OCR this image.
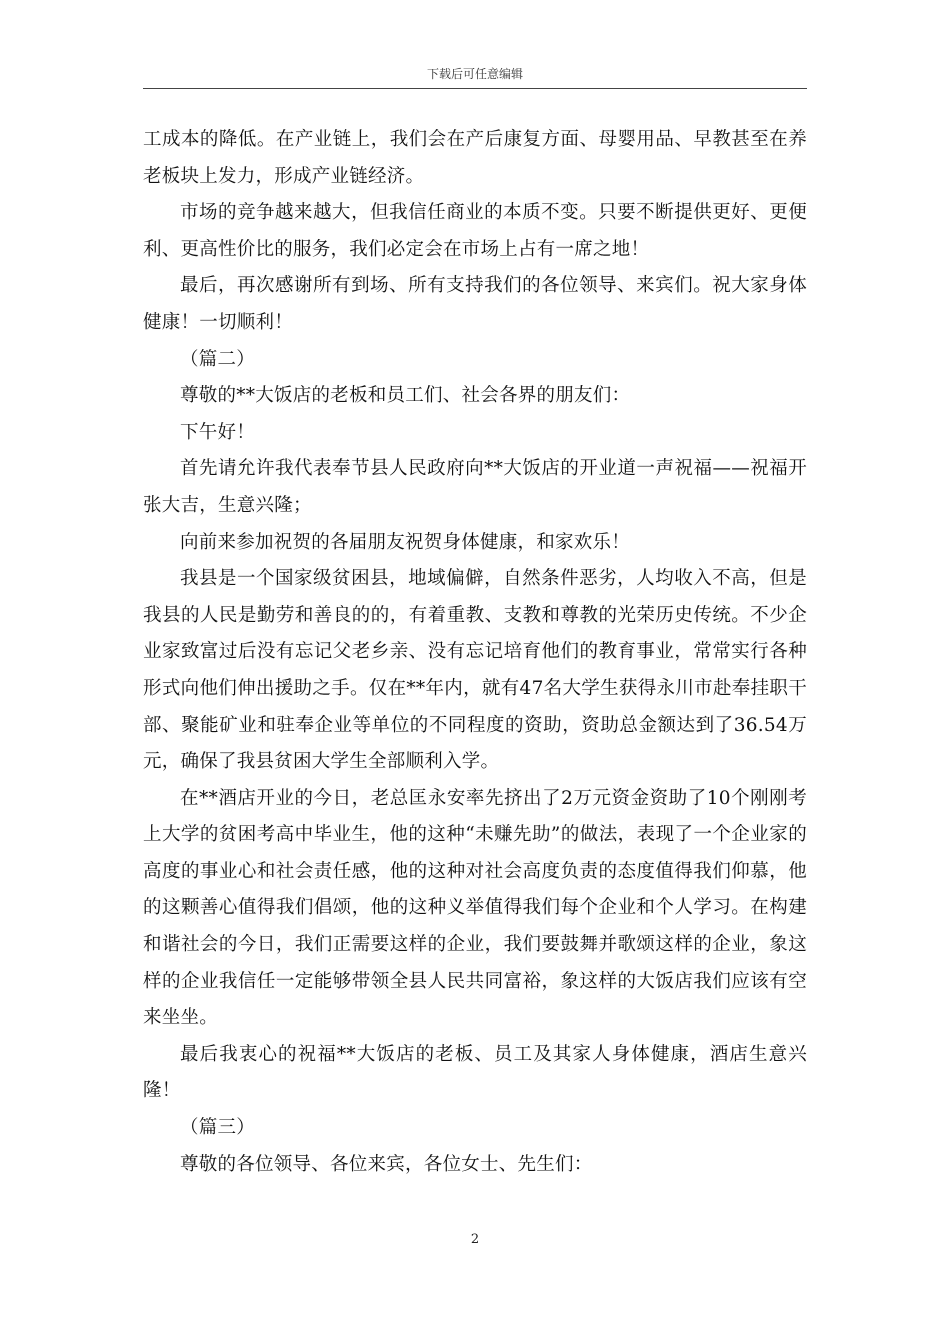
下载后可任意编辑

工成本的降低。在产业链上，我们会在产后康复方面、母婴用品、早教甚至在养老板块上发力，形成产业链经济。

市场的竞争越来越大，但我信任商业的本质不变。只要不断提供更好、更便利、更高性价比的服务，我们必定会在市场上占有一席之地！

最后，再次感谢所有到场、所有支持我们的各位领导、来宾们。祝大家身体健康！一切顺利！

（篇二）

尊敬的**大饭店的老板和员工们、社会各界的朋友们：

下午好！

首先请允许我代表奉节县人民政府向**大饭店的开业道一声祝福——祝福开张大吉，生意兴隆；

向前来参加祝贺的各届朋友祝贺身体健康，和家欢乐！

我县是一个国家级贫困县，地域偏僻，自然条件恶劣，人均收入不高，但是我县的人民是勤劳和善良的的，有着重教、支教和尊教的光荣历史传统。不少企业家致富过后没有忘记父老乡亲、没有忘记培育他们的教育事业，常常实行各种形式向他们伸出援助之手。仅在**年内，就有47名大学生获得永川市赴奉挂职干部、聚能矿业和驻奉企业等单位的不同程度的资助，资助总金额达到了36.54万元，确保了我县贫困大学生全部顺利入学。

在**酒店开业的今日，老总匡永安率先挤出了2万元资金资助了10个刚刚考上大学的贫困考高中毕业生，他的这种“未赚先助”的做法，表现了一个企业家的高度的事业心和社会责任感，他的这种对社会高度负责的态度值得我们仰慕，他的这颗善心值得我们倡颂，他的这种义举值得我们每个企业和个人学习。在构建和谐社会的今日，我们正需要这样的企业，我们要鼓舞并歌颂这样的企业，象这样的企业我信任一定能够带领全县人民共同富裕，象这样的大饭店我们应该有空来坐坐。

最后我衷心的祝福**大饭店的老板、员工及其家人身体健康，酒店生意兴隆！

（篇三）

尊敬的各位领导、各位来宾，各位女士、先生们：

2
